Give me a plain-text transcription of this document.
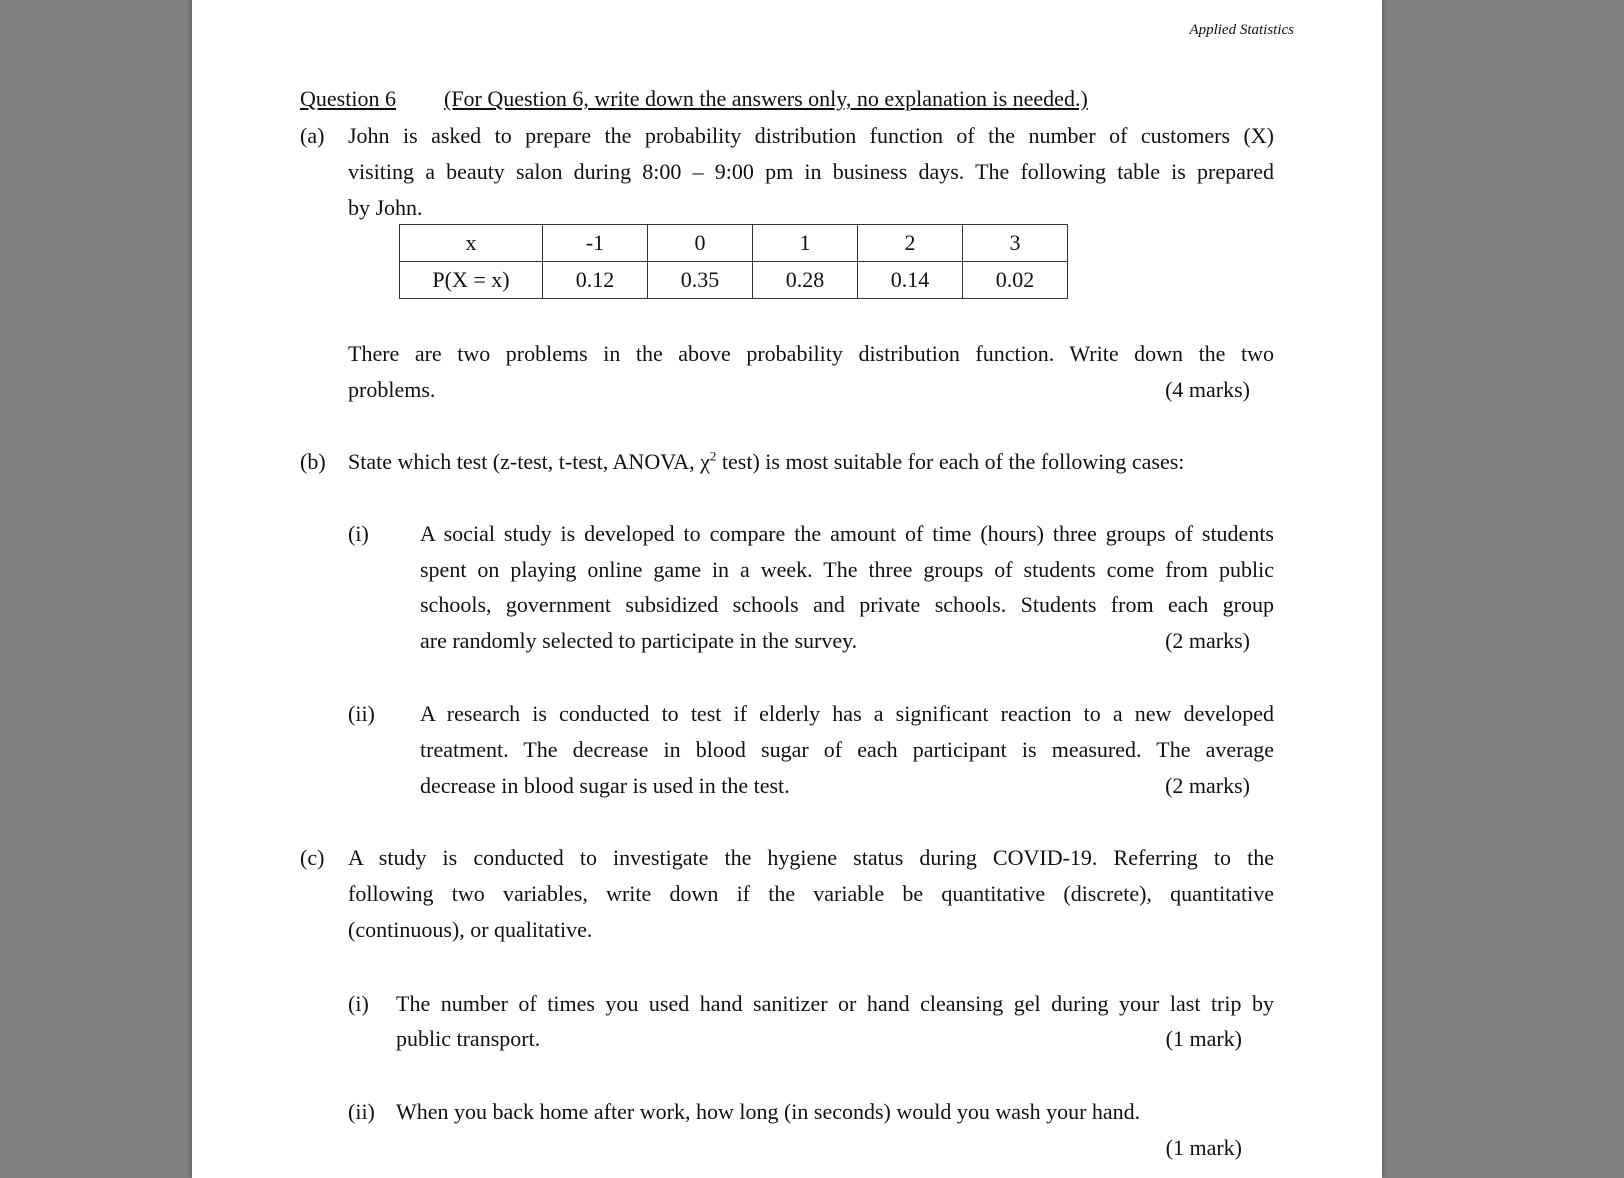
Applied Statistics
Question 6 (For Question 6, write down the answers only, no explanation is needed.)
(a) John is asked to prepare the probability distribution function of the number of customers (X)
visiting a beauty salon during 8:00 – 9:00 pm in business days. The following table is prepared
by John.
x	-1	0	1	2	3
P(X = x)	0.12	0.35	0.28	0.14	0.02
There are two problems in the above probability distribution function. Write down the two
problems.	(4 marks)
(b) State which test (z-test, t-test, ANOVA, $\chi^2$ test) is most suitable for each of the following cases:
(i) A social study is developed to compare the amount of time (hours) three groups of students
spent on playing online game in a week. The three groups of students come from public
schools, government subsidized schools and private schools. Students from each group
are randomly selected to participate in the survey.	(2 marks)
(ii) A research is conducted to test if elderly has a significant reaction to a new developed
treatment. The decrease in blood sugar of each participant is measured. The average
decrease in blood sugar is used in the test.	(2 marks)
(c) A study is conducted to investigate the hygiene status during COVID-19. Referring to the
following two variables, write down if the variable be quantitative (discrete), quantitative
(continuous), or qualitative.
(i) The number of times you used hand sanitizer or hand cleansing gel during your last trip by
public transport.	(1 mark)
(ii) When you back home after work, how long (in seconds) would you wash your hand.
(1 mark)
